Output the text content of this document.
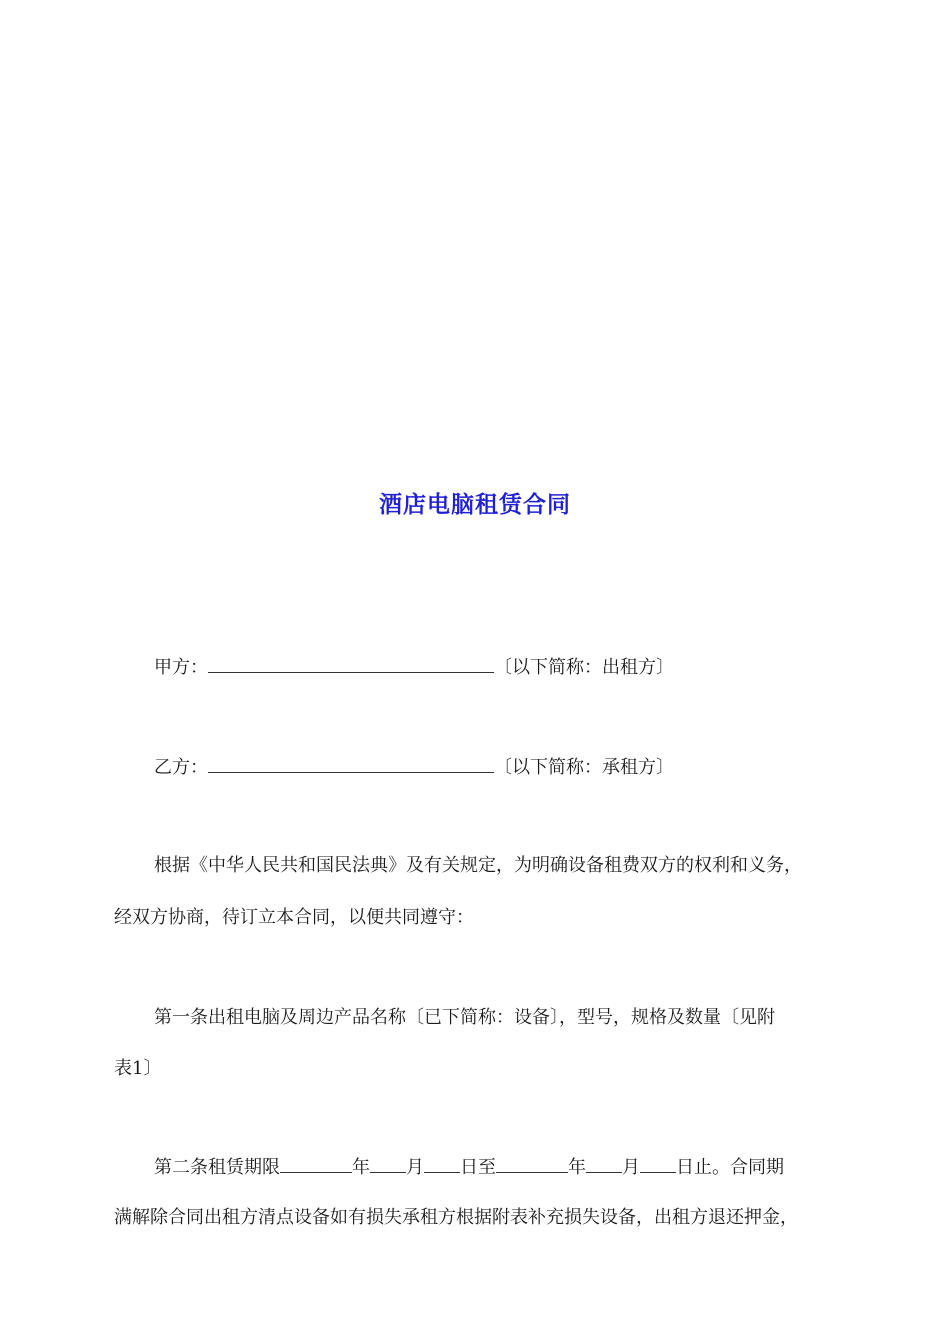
酒店电脑租赁合同
甲方：	〔以下简称：出租方〕
乙方：	〔以下简称：承租方〕
根据《中华人民共和国民法典》及有关规定，为明确设备租费双方的权利和义务，
经双方协商，待订立本合同，以便共同遵守：
第一条出租电脑及周边产品名称〔已下简称：设备〕，型号，规格及数量〔见附
表1〕
第二条租赁期限	年 月 日至	年 月 日止。合同期
满解除合同出租方清点设备如有损失承租方根据附表补充损失设备，出租方退还押金，
